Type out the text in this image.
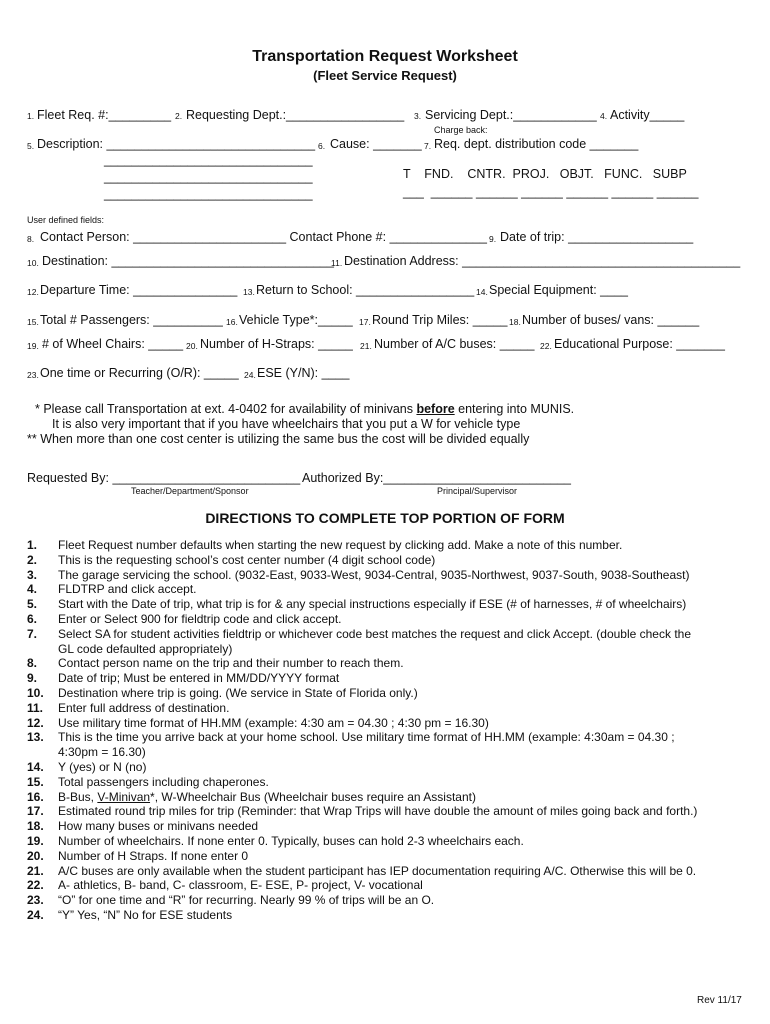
Transportation Request Worksheet
(Fleet Service Request)
1. Fleet Req. #:_________ 2. Requesting Dept.:_________________ 3. Servicing Dept.:____________ 4. Activity_____
Charge back:
5. Description: ______________________________ 6. Cause: _______ 7. Req. dept. distribution code _______
______________________________
______________________________
______________________________
T    FND.    CNTR.  PROJ.   OBJT.   FUNC.   SUBP
___  ______ ______ ______ ______ ______ ______
User defined fields:
8. Contact Person: ______________________ Contact Phone #: ______________ 9. Date of trip: __________________
10. Destination: ________________________________
11. Destination Address: ________________________________________
12. Departure Time: _______________ 13. Return to School: _________________ 14. Special Equipment: ____
15. Total # Passengers: __________ 16. Vehicle Type*:_____ 17. Round Trip Miles: _____ 18. Number of buses/ vans: ______
19. # of Wheel Chairs: _____ 20. Number of H-Straps: _____ 21. Number of A/C buses: _____ 22. Educational Purpose: _______
23. One time or Recurring (O/R): _____ 24. ESE (Y/N): ____
* Please call Transportation at ext. 4-0402 for availability of minivans before entering into MUNIS.
It is also very important that if you have wheelchairs that you put a W for vehicle type
** When more than one cost center is utilizing the same bus the cost will be divided equally
Requested By: ___________________________ Authorized By:___________________________
Teacher/Department/Sponsor	Principal/Supervisor
DIRECTIONS TO COMPLETE TOP PORTION OF FORM
1. Fleet Request number defaults when starting the new request by clicking add. Make a note of this number.
2. This is the requesting school’s cost center number (4 digit school code)
3. The garage servicing the school. (9032-East, 9033-West, 9034-Central, 9035-Northwest, 9037-South, 9038-Southeast)
4. FLDTRP and click accept.
5. Start with the Date of trip, what trip is for & any special instructions especially if ESE (# of harnesses, # of wheelchairs)
6. Enter or Select 900 for fieldtrip code and click accept.
7. Select SA for student activities fieldtrip or whichever code best matches the request and click Accept. (double check the
GL code defaulted appropriately)
8. Contact person name on the trip and their number to reach them.
9. Date of trip; Must be entered in MM/DD/YYYY format
10. Destination where trip is going. (We service in State of Florida only.)
11. Enter full address of destination.
12. Use military time format of HH.MM (example: 4:30 am = 04.30 ; 4:30 pm = 16.30)
13. This is the time you arrive back at your home school. Use military time format of HH.MM (example: 4:30am = 04.30 ;
4:30pm = 16.30)
14. Y (yes) or N (no)
15. Total passengers including chaperones.
16. B-Bus, V-Minivan*, W-Wheelchair Bus (Wheelchair buses require an Assistant)
17. Estimated round trip miles for trip (Reminder: that Wrap Trips will have double the amount of miles going back and forth.)
18. How many buses or minivans needed
19. Number of wheelchairs. If none enter 0. Typically, buses can hold 2-3 wheelchairs each.
20. Number of H Straps. If none enter 0
21. A/C buses are only available when the student participant has IEP documentation requiring A/C. Otherwise this will be 0.
22. A- athletics, B- band, C- classroom, E- ESE, P- project, V- vocational
23. “O” for one time and “R” for recurring. Nearly 99 % of trips will be an O.
24. “Y” Yes, “N” No for ESE students
Rev 11/17
